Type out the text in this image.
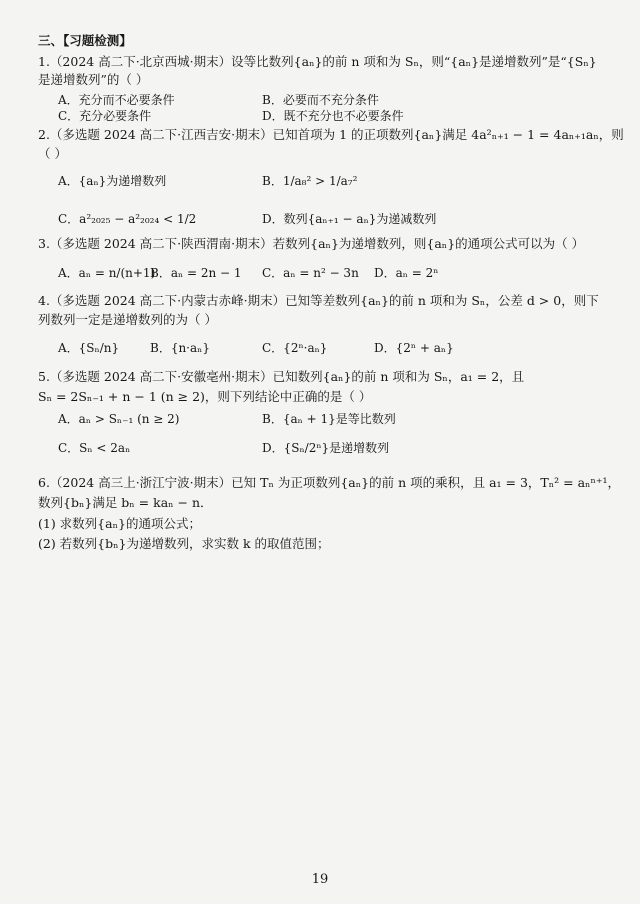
三、【习题检测】
1.（2024 高二下·北京西城·期末）设等比数列{aₙ}的前 n 项和为 Sₙ，则“{aₙ}是递增数列”是“{Sₙ}
是递增数列”的（ ）
A．充分而不必要条件	B．必要而不充分条件
C．充分必要条件	D．既不充分也不必要条件
2.（多选题 2024 高二下·江西吉安·期末）已知首项为 1 的正项数列{aₙ}满足 4a²ₙ₊₁ − 1 = 4aₙ₊₁aₙ，则
（ ）
A．{aₙ}为递增数列	B．1/a₈² > 1/a₇²
C．a²₂₀₂₅ − a²₂₀₂₄ < 1/2	D．数列{aₙ₊₁ − aₙ}为递减数列
3.（多选题 2024 高二下·陕西渭南·期末）若数列{aₙ}为递增数列，则{aₙ}的通项公式可以为（ ）
A．aₙ = n/(n+1)
B．aₙ = 2n − 1 C．aₙ = n² − 3n D．aₙ = 2ⁿ
4.（多选题 2024 高二下·内蒙古赤峰·期末）已知等差数列{aₙ}的前 n 项和为 Sₙ，公差 d > 0，则下
列数列一定是递增数列的为（ ）
A．{Sₙ/n}	B．{n·aₙ}	C．{2ⁿ·aₙ}	D．{2ⁿ + aₙ}
5.（多选题 2024 高二下·安徽亳州·期末）已知数列{aₙ}的前 n 项和为 Sₙ，a₁ = 2，且
Sₙ = 2Sₙ₋₁ + n − 1 (n ≥ 2)，则下列结论中正确的是（ ）
A．aₙ > Sₙ₋₁ (n ≥ 2)	B．{aₙ + 1}是等比数列
C．Sₙ < 2aₙ	D．{Sₙ/2ⁿ}是递增数列
6.（2024 高三上·浙江宁波·期末）已知 Tₙ 为正项数列{aₙ}的前 n 项的乘积，且 a₁ = 3，Tₙ² = aₙⁿ⁺¹，
数列{bₙ}满足 bₙ = kaₙ − n．
(1) 求数列{aₙ}的通项公式；
(2) 若数列{bₙ}为递增数列，求实数 k 的取值范围；
19
